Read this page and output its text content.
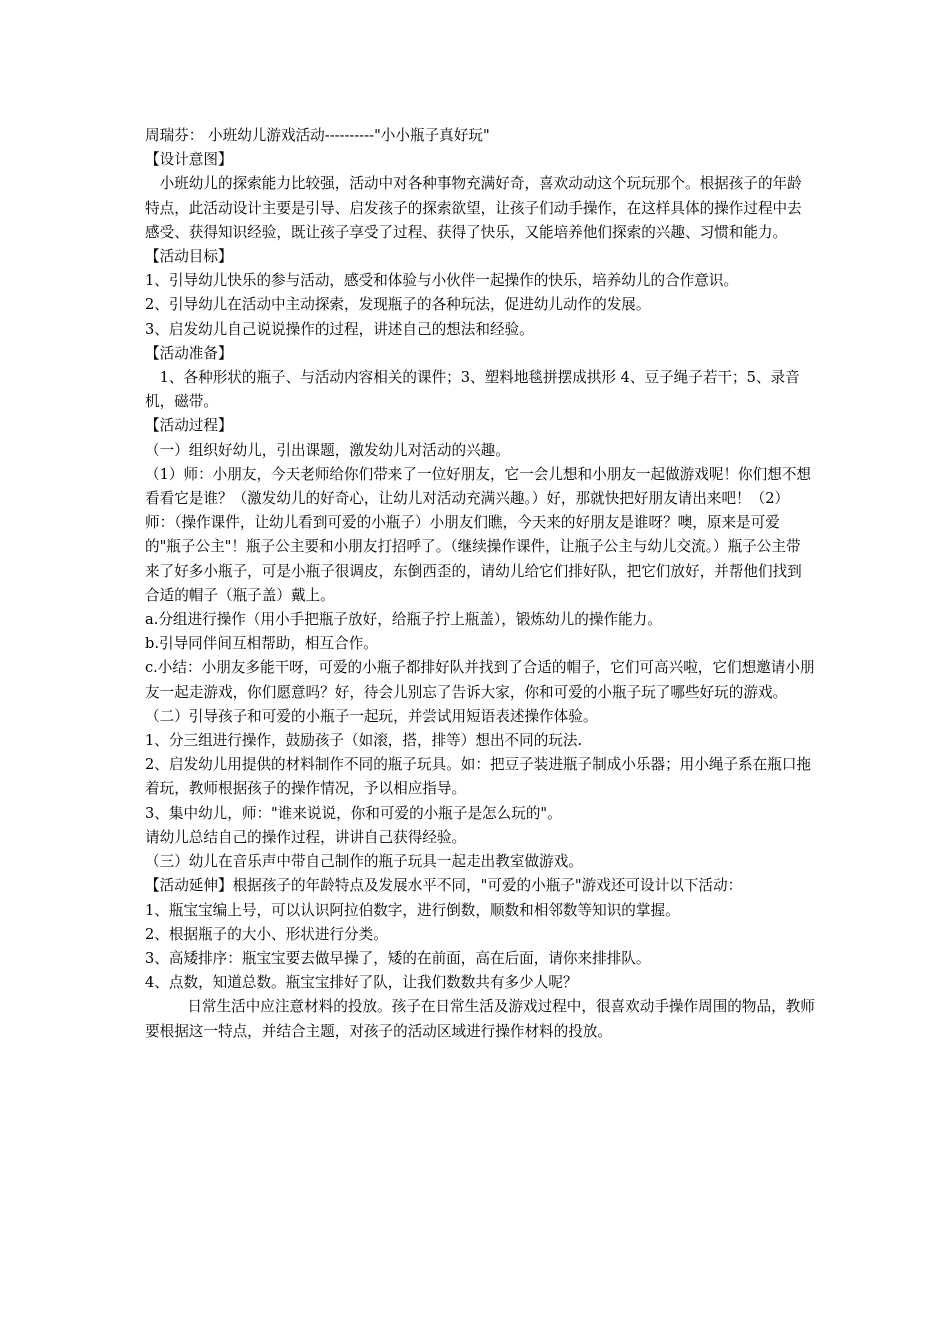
周瑞芬： 小班幼儿游戏活动----------"小小瓶子真好玩"

【设计意图】

小班幼儿的探索能力比较强，活动中对各种事物充满好奇，喜欢动动这个玩玩那个。根据孩子的年龄特点，此活动设计主要是引导、启发孩子的探索欲望，让孩子们动手操作，在这样具体的操作过程中去感受、获得知识经验，既让孩子享受了过程、获得了快乐，又能培养他们探索的兴趣、习惯和能力。

【活动目标】

1、引导幼儿快乐的参与活动，感受和体验与小伙伴一起操作的快乐，培养幼儿的合作意识。

2、引导幼儿在活动中主动探索，发现瓶子的各种玩法，促进幼儿动作的发展。

3、启发幼儿自己说说操作的过程，讲述自己的想法和经验。

【活动准备】

1、各种形状的瓶子、与活动内容相关的课件；3、塑料地毯拼摆成拱形 4、豆子绳子若干；5、录音机，磁带。

【活动过程】

（一）组织好幼儿，引出课题，激发幼儿对活动的兴趣。

（1）师：小朋友，今天老师给你们带来了一位好朋友，它一会儿想和小朋友一起做游戏呢！你们想不想看看它是谁？（激发幼儿的好奇心，让幼儿对活动充满兴趣。）好，那就快把好朋友请出来吧！（2）师：（操作课件，让幼儿看到可爱的小瓶子）小朋友们瞧，今天来的好朋友是谁呀？噢，原来是可爱的"瓶子公主"！瓶子公主要和小朋友打招呼了。（继续操作课件，让瓶子公主与幼儿交流。）瓶子公主带来了好多小瓶子，可是小瓶子很调皮，东倒西歪的，请幼儿给它们排好队，把它们放好，并帮他们找到合适的帽子（瓶子盖）戴上。

a.分组进行操作（用小手把瓶子放好，给瓶子拧上瓶盖），锻炼幼儿的操作能力。

b.引导同伴间互相帮助，相互合作。

c.小结：小朋友多能干呀，可爱的小瓶子都排好队并找到了合适的帽子，它们可高兴啦，它们想邀请小朋友一起走游戏，你们愿意吗？好，待会儿别忘了告诉大家，你和可爱的小瓶子玩了哪些好玩的游戏。

（二）引导孩子和可爱的小瓶子一起玩，并尝试用短语表述操作体验。

1、分三组进行操作，鼓励孩子（如滚，搭，排等）想出不同的玩法.

2、启发幼儿用提供的材料制作不同的瓶子玩具。如：把豆子装进瓶子制成小乐器；用小绳子系在瓶口拖着玩，教师根据孩子的操作情况，予以相应指导。

3、集中幼儿，师："谁来说说，你和可爱的小瓶子是怎么玩的"。

请幼儿总结自己的操作过程，讲讲自己获得经验。

（三）幼儿在音乐声中带自己制作的瓶子玩具一起走出教室做游戏。

【活动延伸】根据孩子的年龄特点及发展水平不同，"可爱的小瓶子"游戏还可设计以下活动：

1、瓶宝宝编上号，可以认识阿拉伯数字，进行倒数，顺数和相邻数等知识的掌握。

2、根据瓶子的大小、形状进行分类。

3、高矮排序：瓶宝宝要去做早操了，矮的在前面，高在后面，请你来排排队。

4、点数，知道总数。瓶宝宝排好了队，让我们数数共有多少人呢？

日常生活中应注意材料的投放。孩子在日常生活及游戏过程中，很喜欢动手操作周围的物品，教师要根据这一特点，并结合主题，对孩子的活动区域进行操作材料的投放。
